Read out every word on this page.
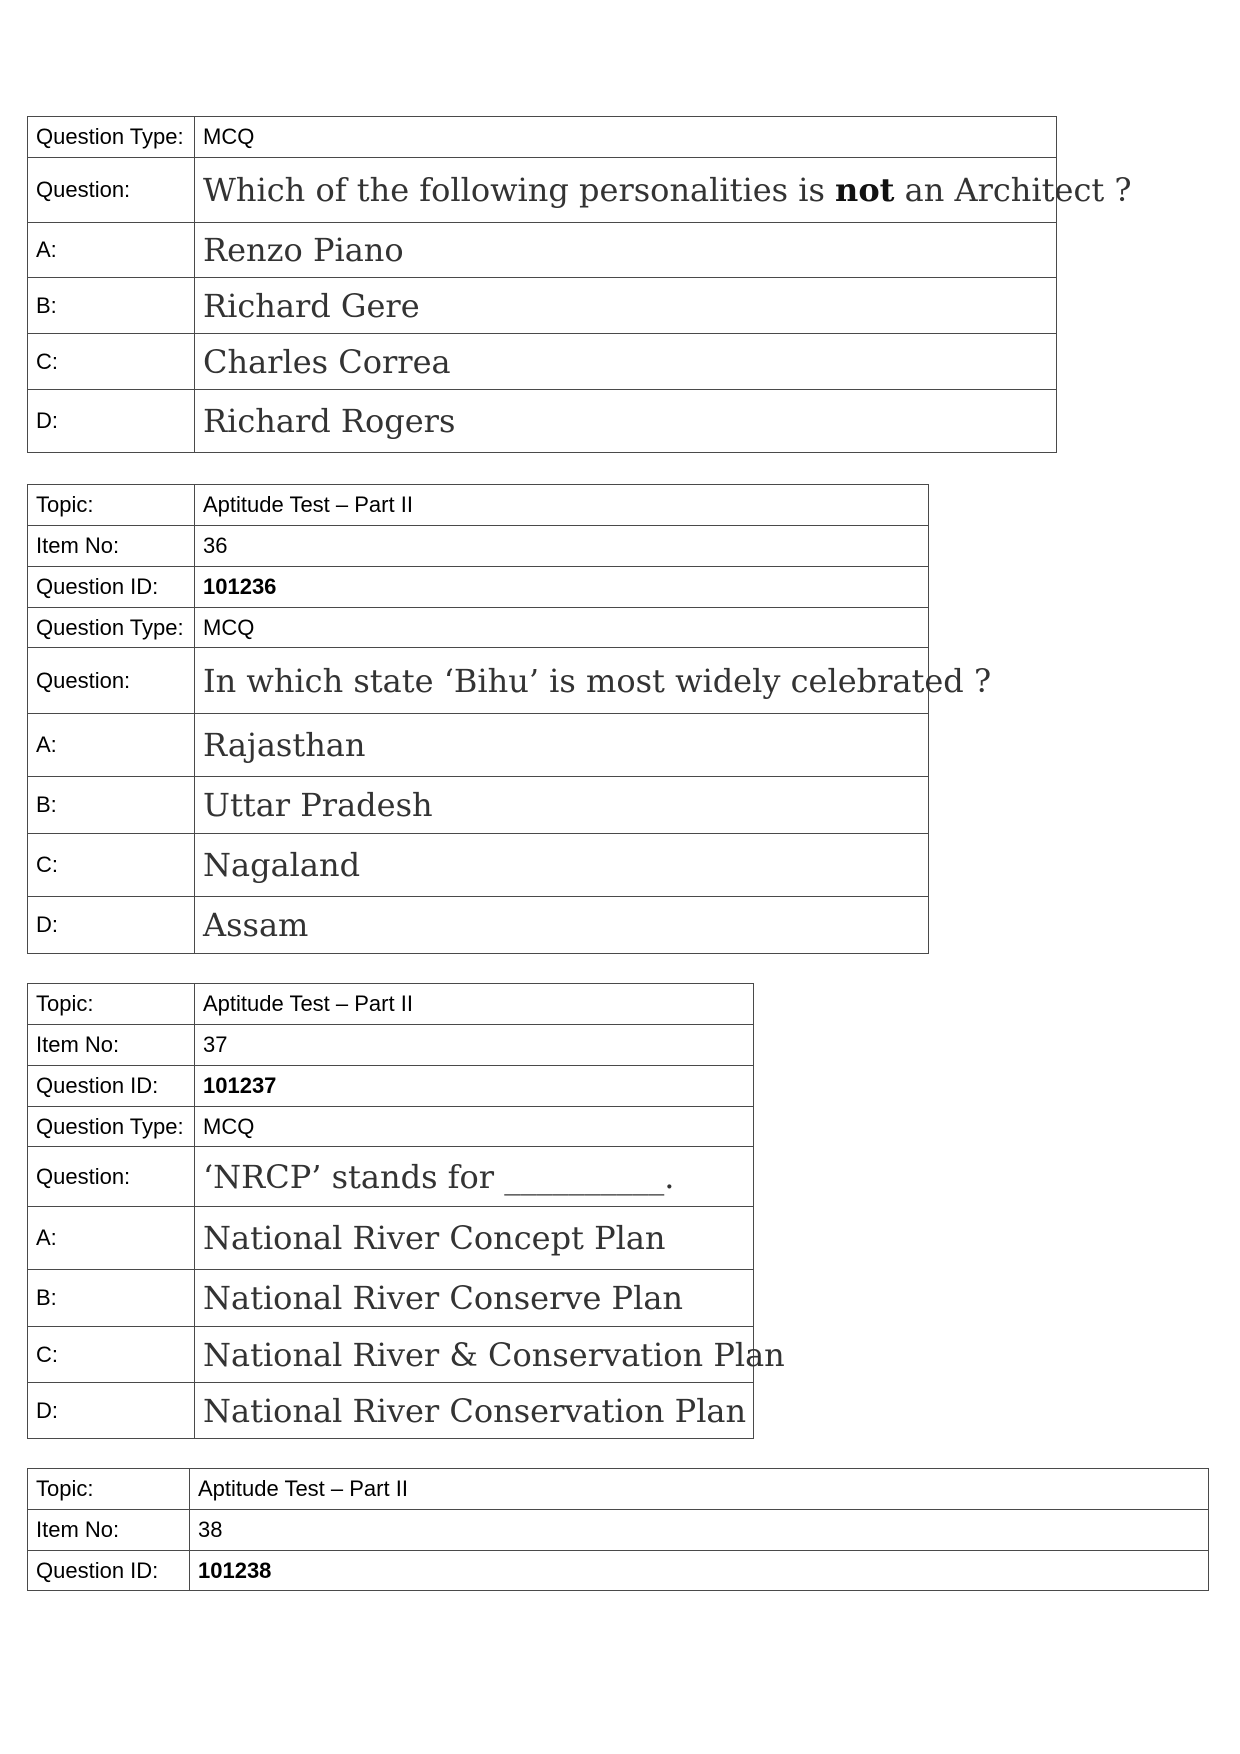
Question Type:	MCQ
Question:	Which of the following personalities is not an Architect ?
A:	Renzo Piano
B:	Richard Gere
C:	Charles Correa
D:	Richard Rogers
Topic:	Aptitude Test – Part II
Item No:	36
Question ID:	101236
Question Type:	MCQ
Question:	In which state ‘Bihu’ is most widely celebrated ?
A:	Rajasthan
B:	Uttar Pradesh
C:	Nagaland
D:	Assam
Topic:	Aptitude Test – Part II
Item No:	37
Question ID:	101237
Question Type:	MCQ
Question:	‘NRCP’ stands for __________.
A:	National River Concept Plan
B:	National River Conserve Plan
C:	National River & Conservation Plan
D:	National River Conservation Plan
Topic:	Aptitude Test – Part II
Item No:	38
Question ID:	101238
